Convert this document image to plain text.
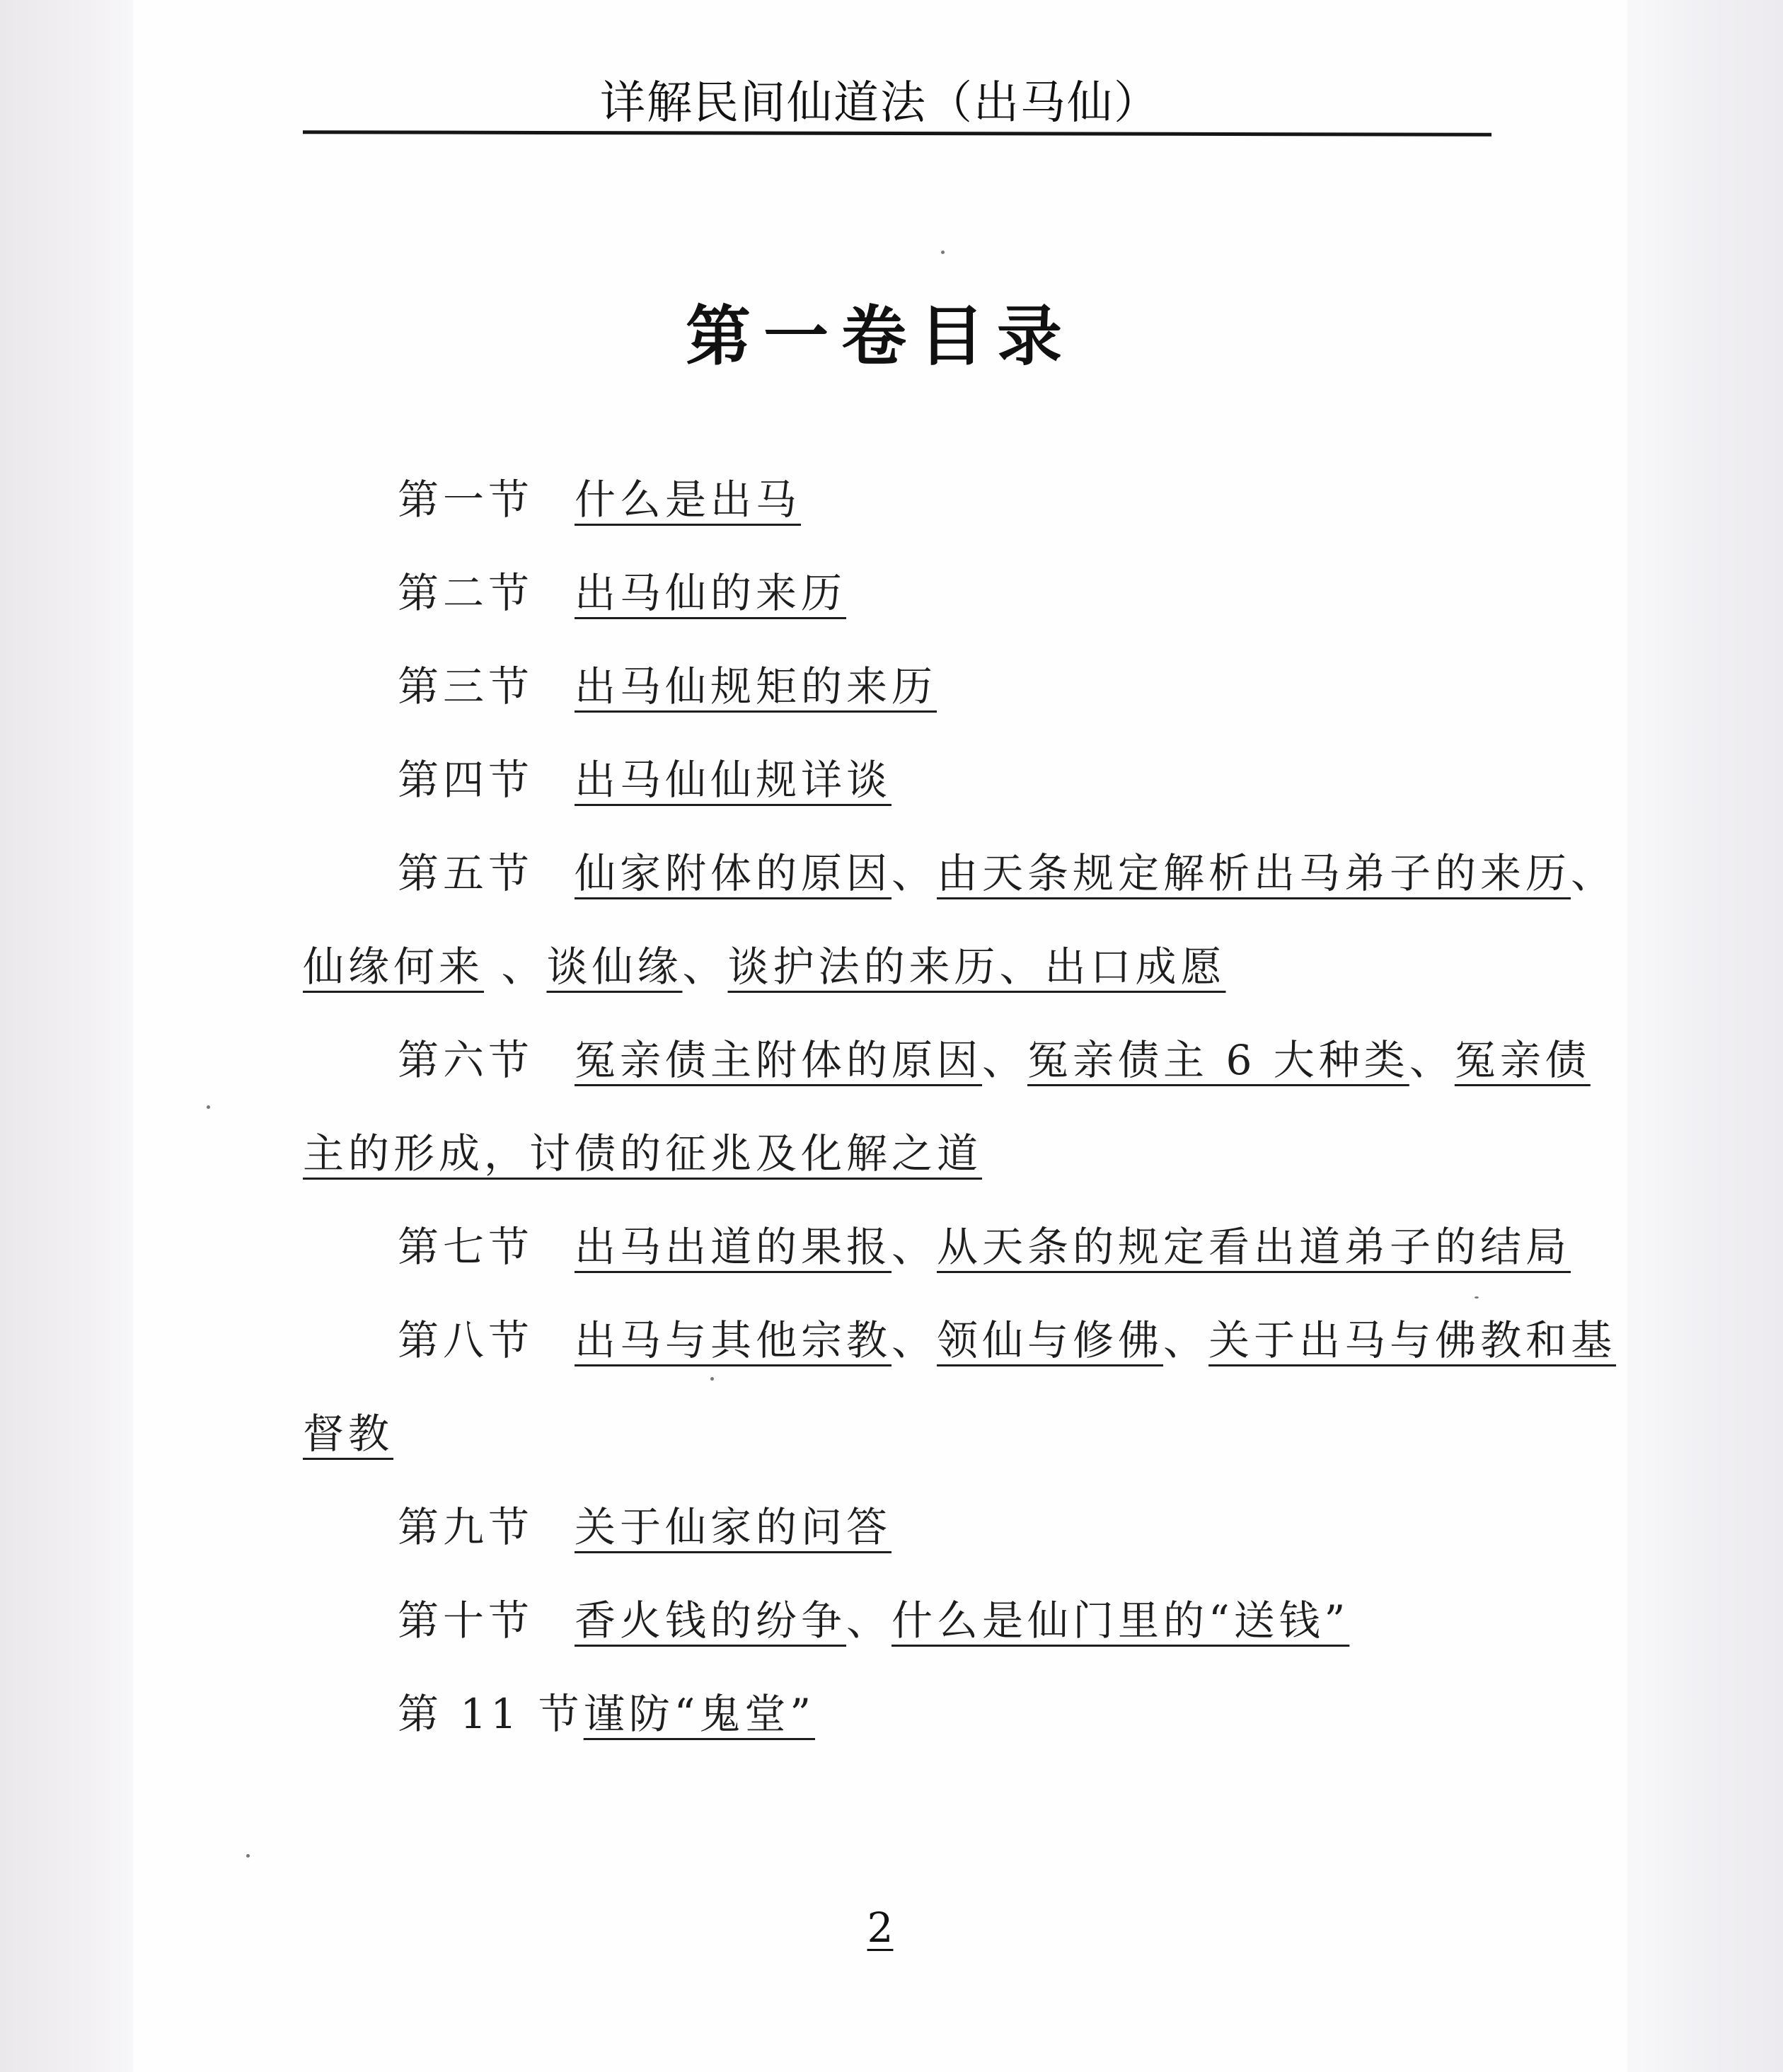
详解民间仙道法（出马仙）
第一卷目录

第一节 什么是出马

第二节 出马仙的来历

第三节 出马仙规矩的来历

第四节 出马仙仙规详谈

第五节 仙家附体的原因、由天条规定解析出马弟子的来历、仙缘何来 、谈仙缘、谈护法的来历、出口成愿

第六节 冤亲债主附体的原因、冤亲债主 6 大种类、冤亲债主的形成，讨债的征兆及化解之道

第七节 出马出道的果报、从天条的规定看出道弟子的结局

第八节 出马与其他宗教、领仙与修佛、关于出马与佛教和基督教

第九节 关于仙家的问答

第十节 香火钱的纷争、什么是仙门里的“送钱”

第 11 节谨防“鬼堂”

2
